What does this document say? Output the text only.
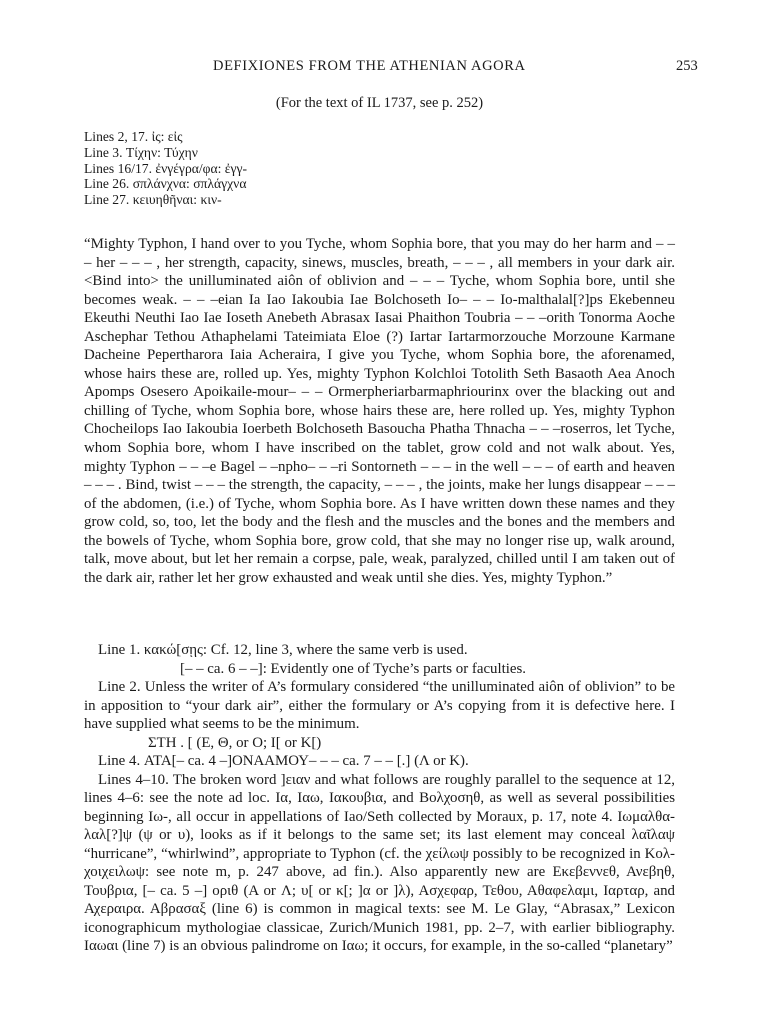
DEFIXIONES FROM THE ATHENIAN AGORA	253
(For the text of IL 1737, see p. 252)
Lines 2, 17. ἰς: εἰς
Line 3. Τίχην: Τύχην
Lines 16/17. ἐνγέγρα/φα: ἐγγ-
Line 26. σπλάνχνα: σπλάγχνα
Line 27. κειυηθῆναι: κιν-

“Mighty Typhon, I hand over to you Tyche, whom Sophia bore, that you may do her harm and – – – her – – – , her strength, capacity, sinews, muscles, breath, – – – , all members in your dark air. <Bind into> the unilluminated aiôn of oblivion and – – – Tyche, whom Sophia bore, until she becomes weak. – – –eian Ia Iao Iakoubia Iae Bolchoseth Io– – – Io-malthalal[?]ps Ekebenneu Ekeuthi Neuthi Iao Iae Ioseth Anebeth Abrasax Iasai Phaithon Toubria – – –orith Tonorma Aoche Aschephar Tethou Athaphelami Tateimiata Eloe (?) Iartar Iartarmorzouche Morzoune Karmane Dacheine Pepertharora Iaia Acheraira, I give you Tyche, whom Sophia bore, the aforenamed, whose hairs these are, rolled up. Yes, mighty Typhon Kolchloi Totolith Seth Basaoth Aea Anoch Apomps Osesero Apoikaile-mour– – – Ormerpheriarbarmaphriourinx over the blacking out and chilling of Tyche, whom Sophia bore, whose hairs these are, here rolled up. Yes, mighty Typhon Chocheilops Iao Iakoubia Ioerbeth Bolchoseth Basoucha Phatha Thnacha – – –roserros, let Tyche, whom Sophia bore, whom I have inscribed on the tablet, grow cold and not walk about. Yes, mighty Typhon – – –e Bagel – –npho– – –ri Sontorneth – – – in the well – – – of earth and heaven – – – . Bind, twist – – – the strength, the capacity, – – – , the joints, make her lungs disappear – – – of the abdomen, (i.e.) of Tyche, whom Sophia bore. As I have written down these names and they grow cold, so, too, let the body and the flesh and the muscles and the bones and the members and the bowels of Tyche, whom Sophia bore, grow cold, that she may no longer rise up, walk around, talk, move about, but let her remain a corpse, pale, weak, paralyzed, chilled until I am taken out of the dark air, rather let her grow exhausted and weak until she dies. Yes, mighty Typhon.”

Line 1. κακώ[σῃς: Cf. 12, line 3, where the same verb is used.

[– – ca. 6 – –]: Evidently one of Tyche’s parts or faculties.

Line 2. Unless the writer of A’s formulary considered “the unilluminated aiôn of oblivion” to be in apposition to “your dark air”, either the formulary or A’s copying from it is defective here. I have supplied what seems to be the minimum.

ΣΤΗ . [ (Ε, Θ, or Ο; Ι[ or Κ[)

Line 4. ΑΤΑ[– ca. 4 –]ΟΝΑΑΜΟΥ– – – ca. 7 – – [.] (Λ or Κ).

Lines 4–10. The broken word ]ειαν and what follows are roughly parallel to the sequence at 12, lines 4–6: see the note ad loc. Ια, Ιαω, Ιακουβια, and Βολχοσηθ, as well as several possibilities beginning Ιω-, all occur in appellations of Iao/Seth collected by Moraux, p. 17, note 4. Ιωμαλθα-λαλ[?]ψ (ψ or υ), looks as if it belongs to the same set; its last element may conceal λαῖλαψ “hurricane”, “whirlwind”, appropriate to Typhon (cf. the χείλωψ possibly to be recognized in Κολ-χοιχειλωψ: see note m, p. 247 above, ad fin.). Also apparently new are Εκεβεννεθ, Ανεβηθ, Τουβρια, [– ca. 5 –] οριθ (Α or Λ; υ[ or κ[; ]α or ]λ), Ασχεφαρ, Τεθου, Αθαφελαμι, Ιαρταρ, and Αχεραιρα. Αβρασαξ (line 6) is common in magical texts: see M. Le Glay, “Abrasax,” Lexicon iconographicum mythologiae classicae, Zurich/Munich 1981, pp. 2–7, with earlier bibliography. Ιαωαι (line 7) is an obvious palindrome on Ιαω; it occurs, for example, in the so-called “planetary”
